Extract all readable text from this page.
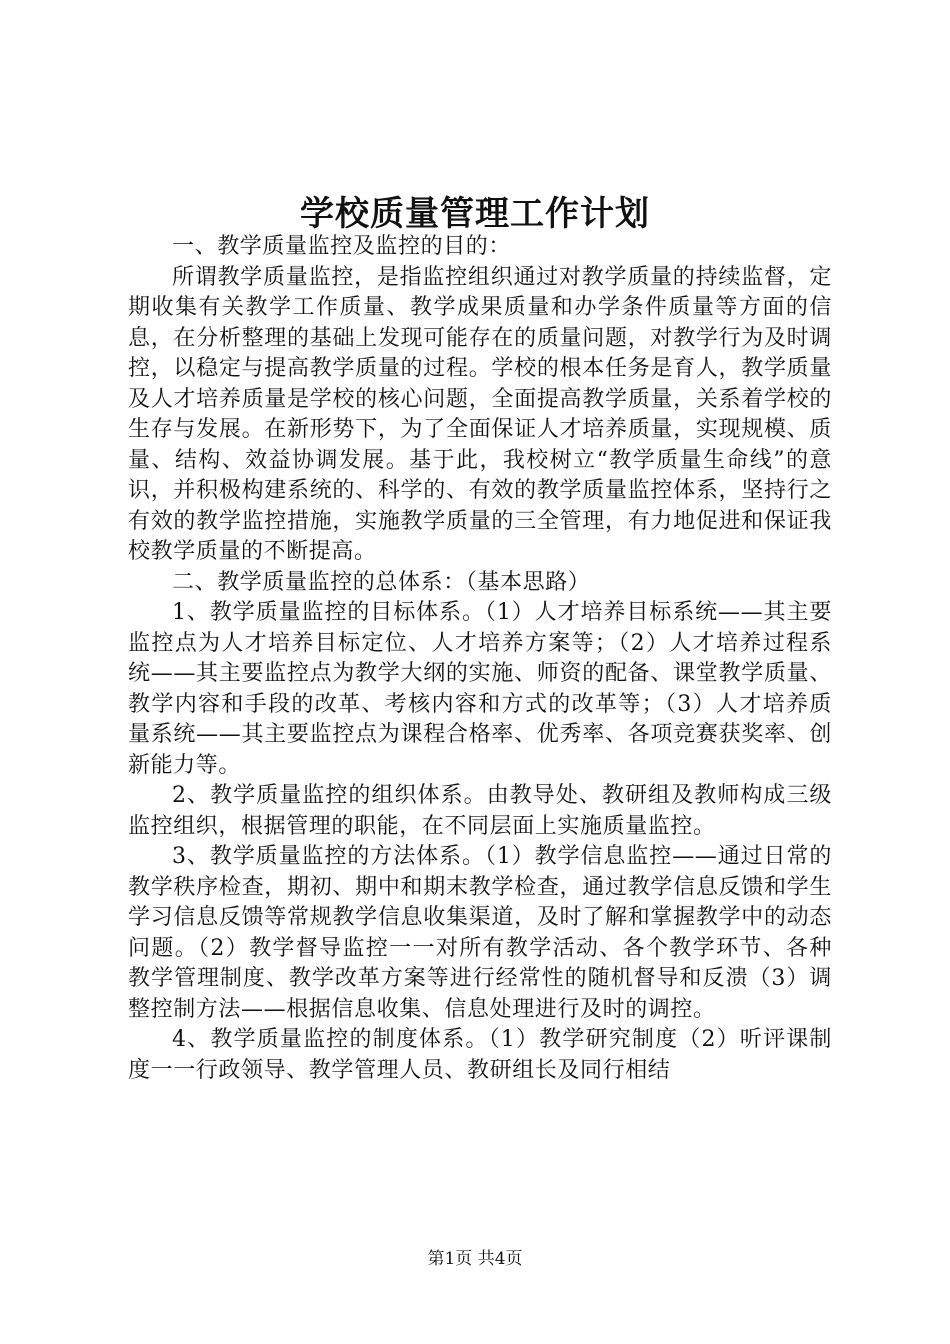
学校质量管理工作计划

一、教学质量监控及监控的目的：

所谓教学质量监控，是指监控组织通过对教学质量的持续监督，定期收集有关教学工作质量、教学成果质量和办学条件质量等方面的信息，在分析整理的基础上发现可能存在的质量问题，对教学行为及时调控，以稳定与提高教学质量的过程。学校的根本任务是育人，教学质量及人才培养质量是学校的核心问题，全面提高教学质量，关系着学校的生存与发展。在新形势下，为了全面保证人才培养质量，实现规模、质量、结构、效益协调发展。基于此，我校树立“教学质量生命线”的意识，并积极构建系统的、科学的、有效的教学质量监控体系，坚持行之有效的教学监控措施，实施教学质量的三全管理，有力地促进和保证我校教学质量的不断提高。

二、教学质量监控的总体系：（基本思路）

1、教学质量监控的目标体系。（1）人才培养目标系统——其主要监控点为人才培养目标定位、人才培养方案等；（2）人才培养过程系统——其主要监控点为教学大纲的实施、师资的配备、课堂教学质量、教学内容和手段的改革、考核内容和方式的改革等；（3）人才培养质量系统——其主要监控点为课程合格率、优秀率、各项竞赛获奖率、创新能力等。

2、教学质量监控的组织体系。由教导处、教研组及教师构成三级监控组织，根据管理的职能，在不同层面上实施质量监控。

3、教学质量监控的方法体系。（1）教学信息监控——通过日常的教学秩序检查，期初、期中和期末教学检查，通过教学信息反馈和学生学习信息反馈等常规教学信息收集渠道，及时了解和掌握教学中的动态问题。（2）教学督导监控一一对所有教学活动、各个教学环节、各种教学管理制度、教学改革方案等进行经常性的随机督导和反溃（3）调整控制方法——根据信息收集、信息处理进行及时的调控。

4、教学质量监控的制度体系。（1）教学研究制度（2）听评课制度一一行政领导、教学管理人员、教研组长及同行相结

第1页 共4页
